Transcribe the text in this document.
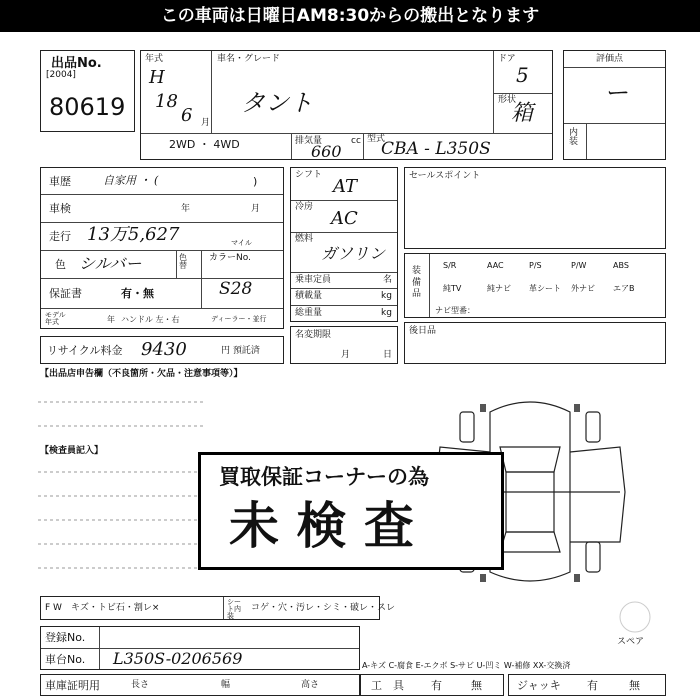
この車両は日曜日AM8:30からの搬出となります
出品No.
[2004]
80619
年式
H
18
6 月
車名・グレード
タント
ドア
5
形状
箱
2WD ・ 4WD	排気量	cc
660
型式
CBA - L350S
評価点
ー
内装
車歴	自家用 ・ (	)
車検	年	月
走行 13万5,627	マイル
色 シルバー	色替
カラーNo.
S28
保証書	有・無
モデル年式	年 ハンドル 左・右	ディーラー・並行
リサイクル料金 9430	円 預託済
シフト
AT
冷房
AC
燃料
ガソリン
乗車定員	名
積載量	kg
総重量	kg
名変期限
月	日
セールスポイント
装備品
ナビ型番：
S/R	AAC	P/S	P/W	ABS
純TV	純ナビ 革シート 外ナビ エアB
後日品
【出品店申告欄（不良箇所・欠品・注意事項等）】
【検査員記入】
買取保証コーナーの為
未 検 査
スペア
F W キズ・トビ石・割レ×
シート内装
コゲ・穴・汚レ・シミ・破レ・スレ
登録No.
車台No. L350S-0206569
車庫証明用	長さ	幅	高さ
A-キズ C-腐食 E-エクボ S-サビ U-凹ミ W-補修 XX-交換済
工　具 有	無	ジャッキ 有	無
